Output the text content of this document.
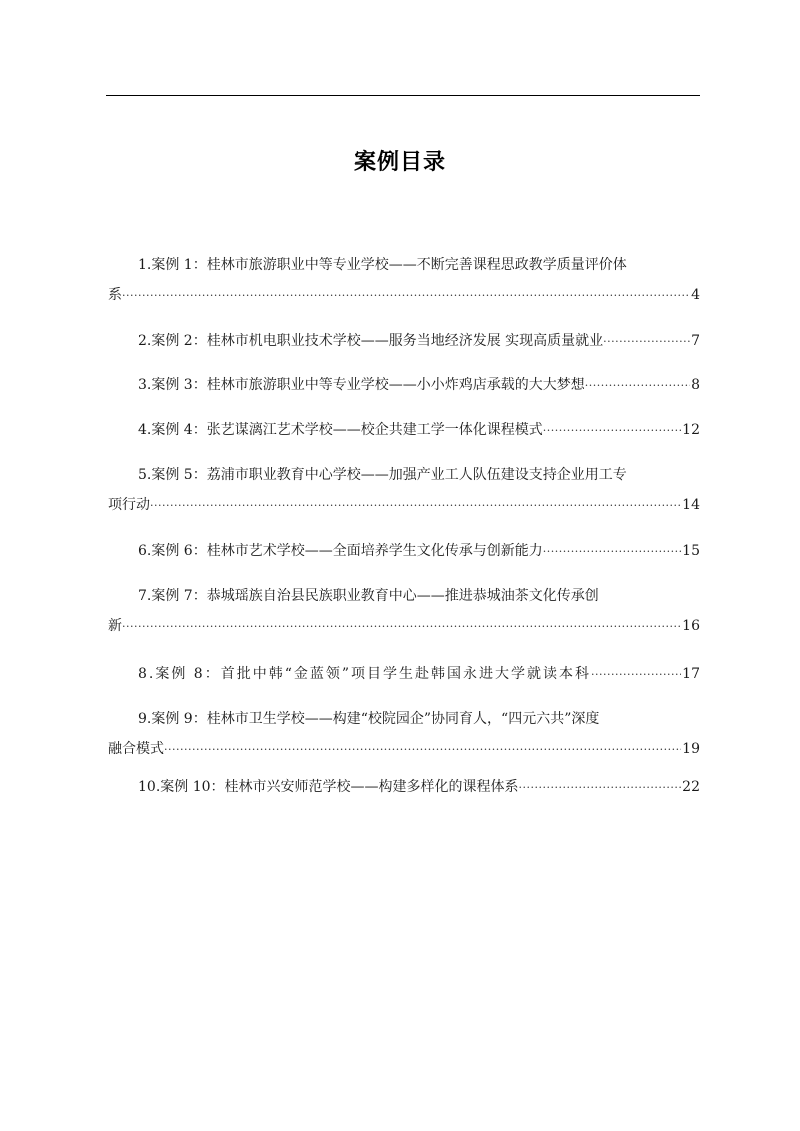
案例目录
1.案例 1：桂林市旅游职业中等专业学校——不断完善课程思政教学质量评价体
系 ·····	4
2.案例 2：桂林市机电职业技术学校——服务当地经济发展 实现高质量就业 ·····	7
3.案例 3：桂林市旅游职业中等专业学校——小小炸鸡店承载的大大梦想 ·····	8
4.案例 4：张艺谋漓江艺术学校——校企共建工学一体化课程模式 ·····	12
5.案例 5：荔浦市职业教育中心学校——加强产业工人队伍建设支持企业用工专
项行动 ·····	14
6.案例 6：桂林市艺术学校——全面培养学生文化传承与创新能力 ·····	15
7.案例 7：恭城瑶族自治县民族职业教育中心——推进恭城油茶文化传承创
新 ·····	16
8.案例 8：首批中韩“金蓝领”项目学生赴韩国永进大学就读本科 ·····	17
9.案例 9：桂林市卫生学校——构建“校院园企”协同育人，“四元六共”深度
融合模式 ·····	19
10.案例 10：桂林市兴安师范学校——构建多样化的课程体系 ·····	22
